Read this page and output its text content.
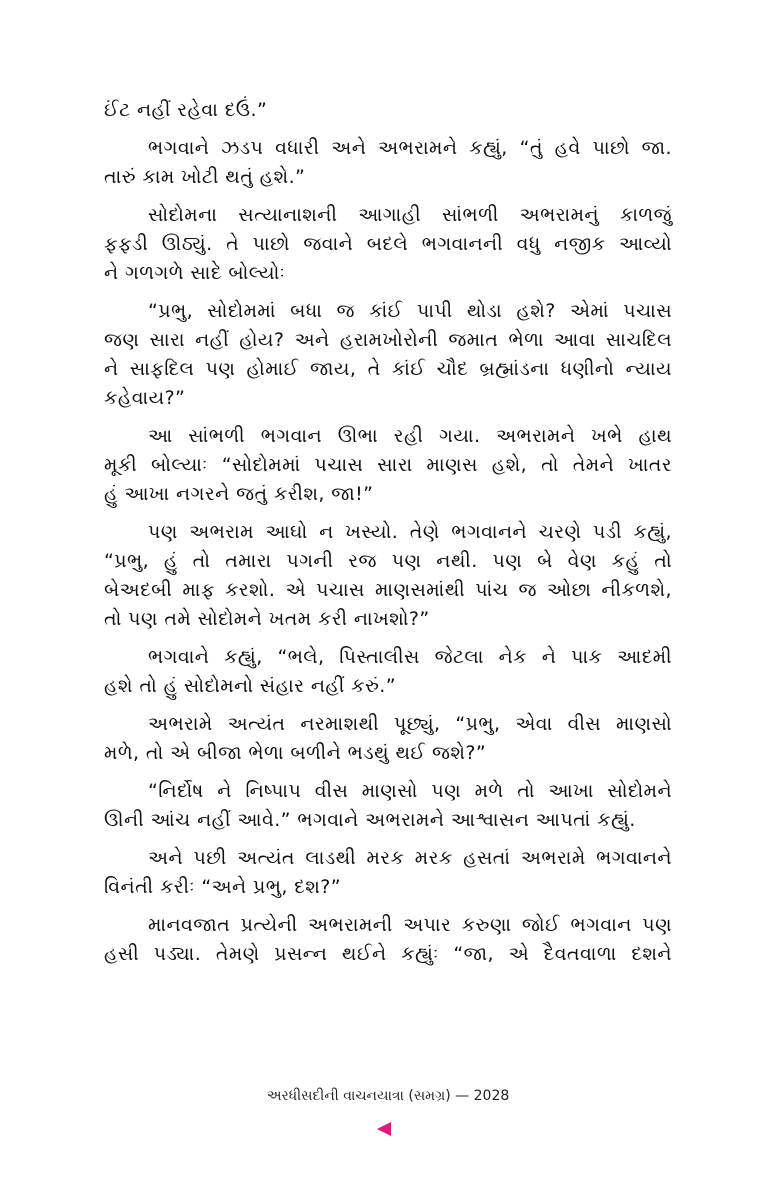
ઈંટ નહીં રહેવા દઉં.”
ભગવાને ઝડપ વધારી અને અભરામને કહ્યું, “તું હવે પાછો જા.
તારું કામ ખોટી થતું હશે.”
સોદોમના સત્યાનાશની આગાહી સાંભળી અભરામનું કાળજું
ફફડી ઊઠ્યું. તે પાછો જવાને બદલે ભગવાનની વધુ નજીક આવ્યો
ને ગળગળે સાદે બોલ્યોઃ
“પ્રભુ, સોદોમમાં બધા જ કાંઈ પાપી થોડા હશે? એમાં પચાસ
જણ સારા નહીં હોય? અને હરામખોરોની જમાત ભેળા આવા સાચદિલ
ને સાફદિલ પણ હોમાઈ જાય, તે કાંઈ ચૌદ બ્રહ્માંડના ધણીનો ન્યાય
કહેવાય?”
આ સાંભળી ભગવાન ઊભા રહી ગયા. અભરામને ખભે હાથ
મૂકી બોલ્યાઃ “સોદોમમાં પચાસ સારા માણસ હશે, તો તેમને ખાતર
હું આખા નગરને જતું કરીશ, જા!”
પણ અભરામ આઘો ન ખસ્યો. તેણે ભગવાનને ચરણે પડી કહ્યું,
“પ્રભુ, હું તો તમારા પગની રજ પણ નથી. પણ બે વેણ કહું તો
બેઅદબી માફ કરશો. એ પચાસ માણસમાંથી પાંચ જ ઓછા નીકળશે,
તો પણ તમે સોદોમને ખતમ કરી નાખશો?”
ભગવાને કહ્યું, “ભલે, પિસ્તાલીસ જેટલા નેક ને પાક આદમી
હશે તો હું સોદોમનો સંહાર નહીં કરું.”
અભરામે અત્યંત નરમાશથી પૂછ્યું, “પ્રભુ, એવા વીસ માણસો
મળે, તો એ બીજા ભેળા બળીને ભડથું થઈ જશે?”
“નિર્દોષ ને નિષ્પાપ વીસ માણસો પણ મળે તો આખા સોદોમને
ઊની આંચ નહીં આવે.” ભગવાને અભરામને આશ્વાસન આપતાં કહ્યું.
અને પછી અત્યંત લાડથી મરક મરક હસતાં અભરામે ભગવાનને
વિનંતી કરીઃ “અને પ્રભુ, દશ?”
માનવજાત પ્રત્યેની અભરામની અપાર કરુણા જોઈ ભગવાન પણ
હસી પડ્યા. તેમણે પ્રસન્ન થઈને કહ્યુંઃ “જા, એ દૈવતવાળા દશને
અરધીસદીની વાચનયાત્રા (સમગ્ર) — 2028
